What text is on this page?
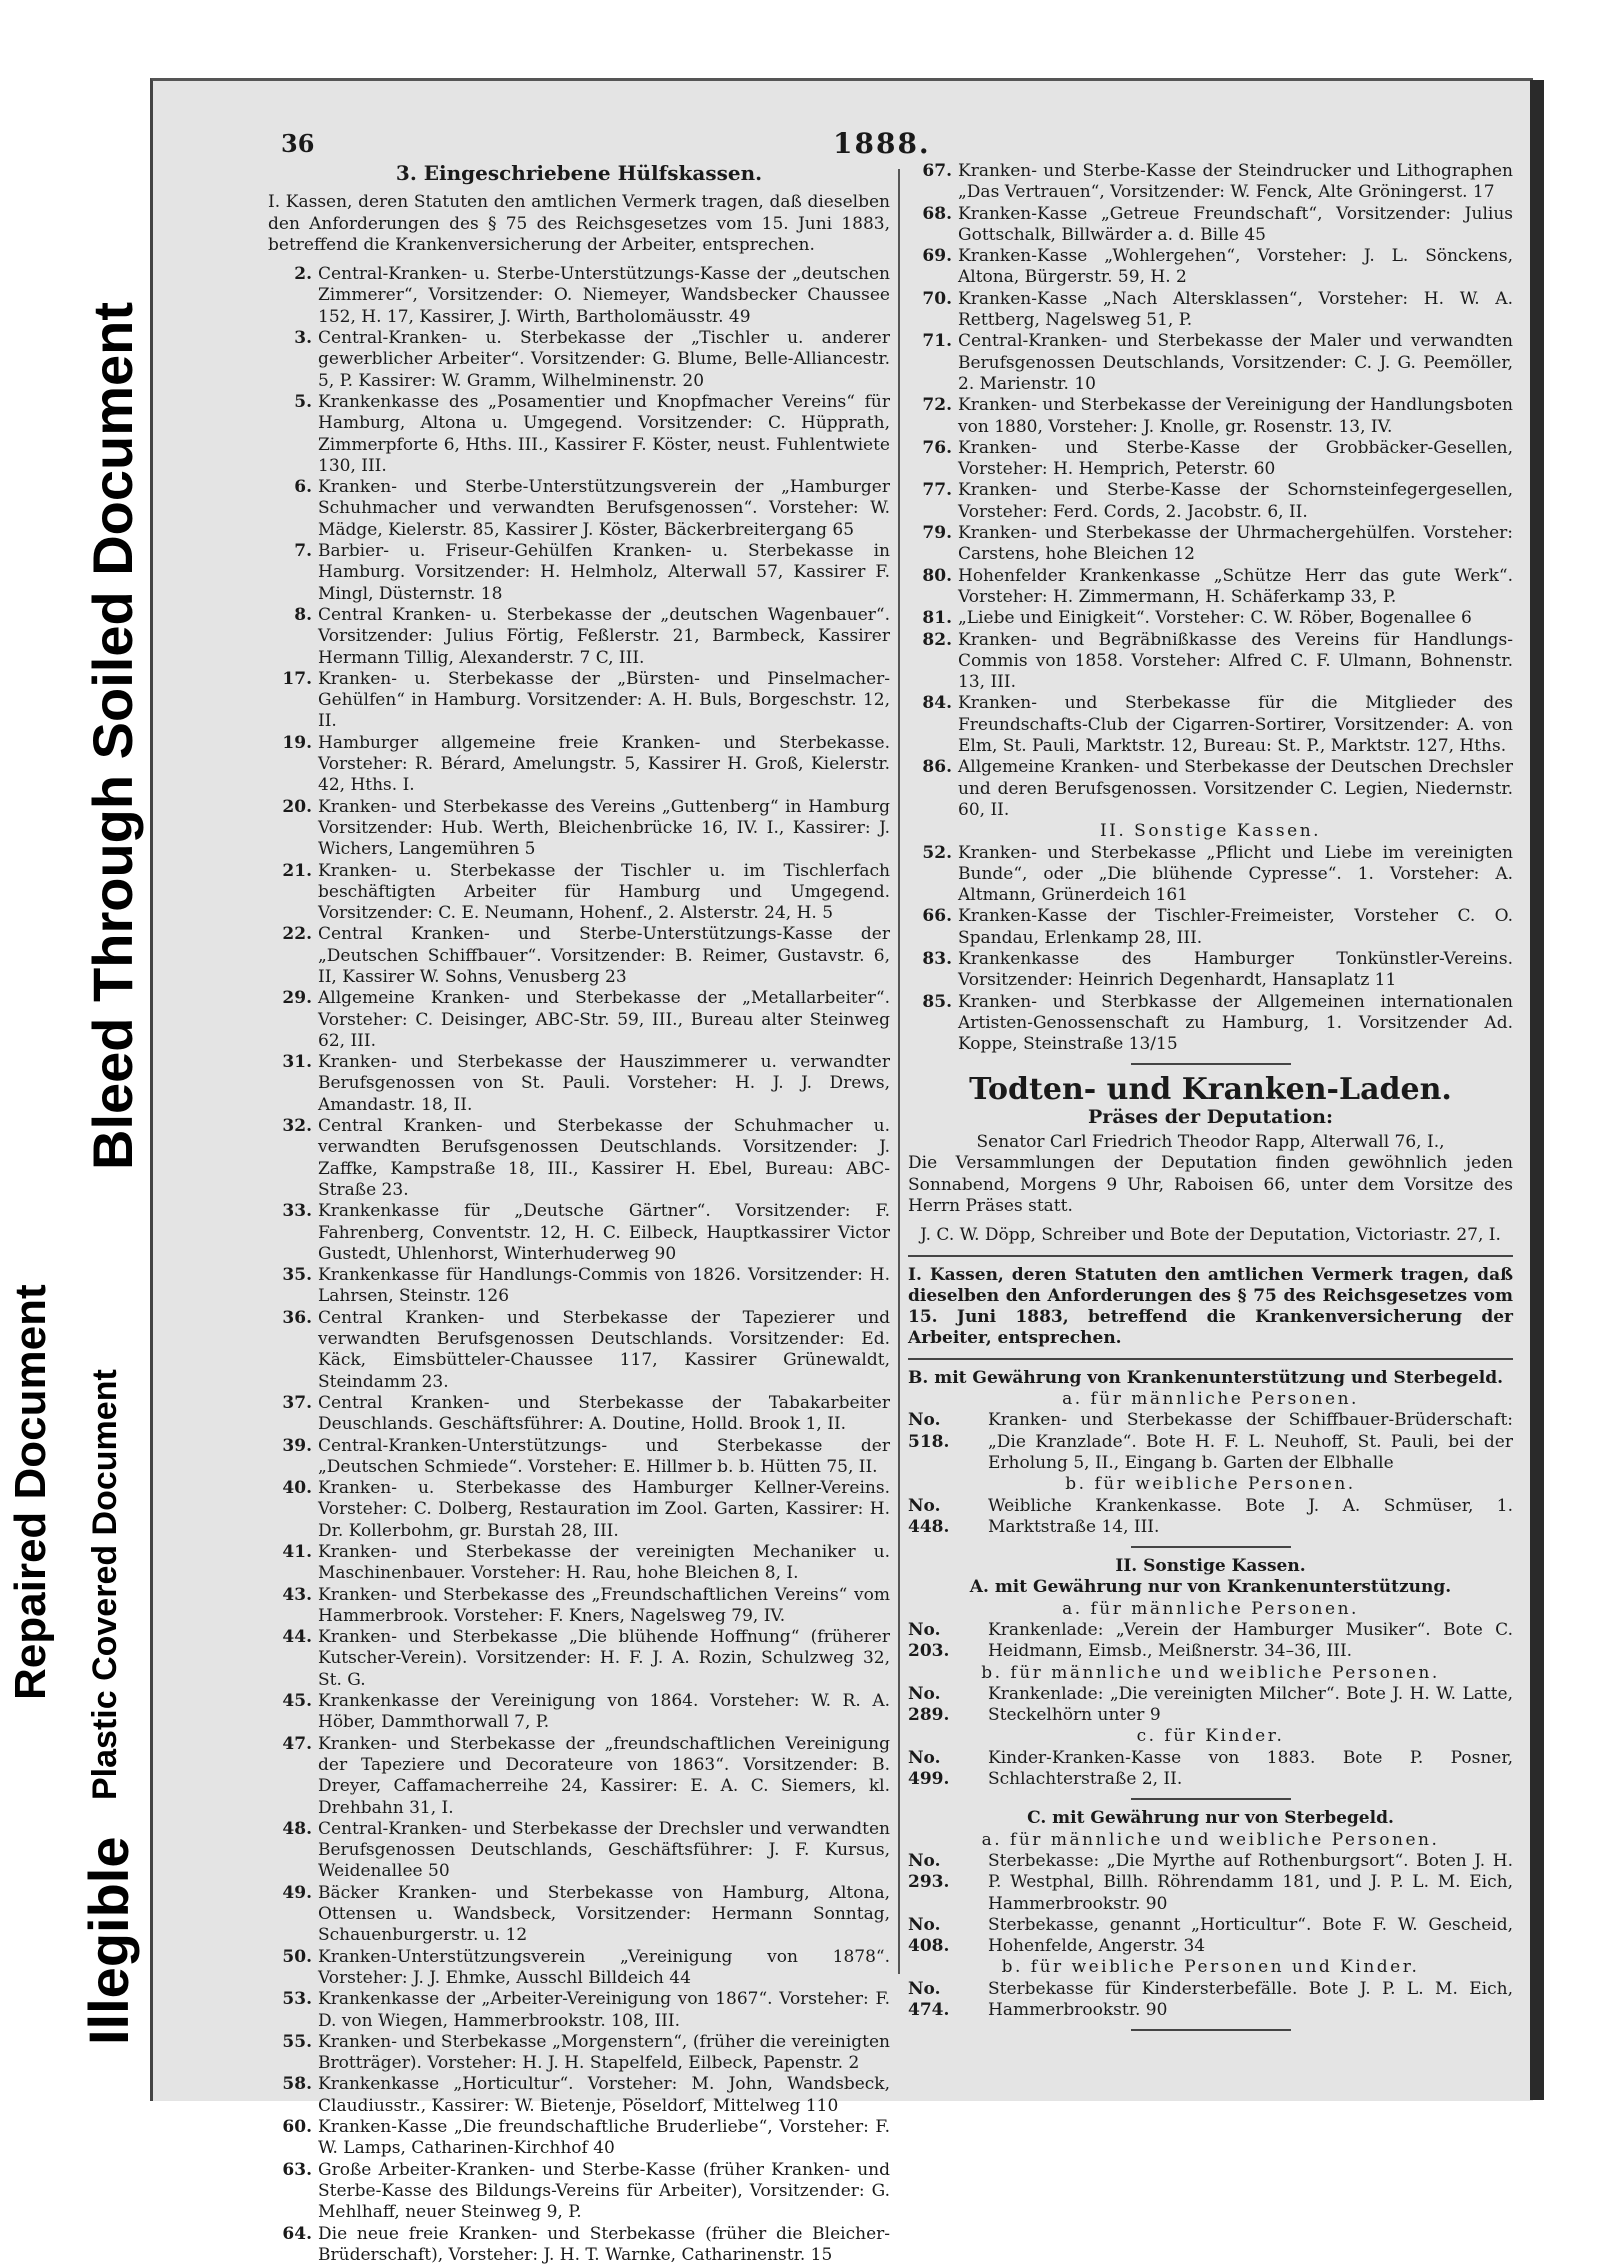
Repaired Document
Bleed Through Soiled Document
Illegible
Plastic Covered Document
36	1888.
3. Eingeschriebene Hülfskassen.

I. Kassen, deren Statuten den amtlichen Vermerk tragen, daß dieselben den Anforderungen des § 75 des Reichsgesetzes vom 15. Juni 1883, betreffend die Krankenversicherung der Arbeiter, entsprechen.

2. Central-Kranken- u. Sterbe-Unterstützungs-Kasse der „deutschen Zimmerer“, Vorsitzender: O. Niemeyer, Wandsbecker Chaussee 152, H. 17, Kassirer, J. Wirth, Bartholomäusstr. 49
3. Central-Kranken- u. Sterbekasse der „Tischler u. anderer gewerblicher Arbeiter“. Vorsitzender: G. Blume, Belle-Alliancestr. 5, P. Kassirer: W. Gramm, Wilhelminenstr. 20
5. Krankenkasse des „Posamentier und Knopfmacher Vereins“ für Hamburg, Altona u. Umgegend. Vorsitzender: C. Hüpprath, Zimmerpforte 6, Hths. III., Kassirer F. Köster, neust. Fuhlentwiete 130, III.
6. Kranken- und Sterbe-Unterstützungsverein der „Hamburger Schuhmacher und verwandten Berufsgenossen“. Vorsteher: W. Mädge, Kielerstr. 85, Kassirer J. Köster, Bäckerbreitergang 65
7. Barbier- u. Friseur-Gehülfen Kranken- u. Sterbekasse in Hamburg. Vorsitzender: H. Helmholz, Alterwall 57, Kassirer F. Mingl, Düsternstr. 18
8. Central Kranken- u. Sterbekasse der „deutschen Wagenbauer“. Vorsitzender: Julius Förtig, Feßlerstr. 21, Barmbeck, Kassirer Hermann Tillig, Alexanderstr. 7 C, III.
17. Kranken- u. Sterbekasse der „Bürsten- und Pinselmacher-Gehülfen“ in Hamburg. Vorsitzender: A. H. Buls, Borgeschstr. 12, II.
19. Hamburger allgemeine freie Kranken- und Sterbekasse. Vorsteher: R. Bérard, Amelungstr. 5, Kassirer H. Groß, Kielerstr. 42, Hths. I.
20. Kranken- und Sterbekasse des Vereins „Guttenberg“ in Hamburg Vorsitzender: Hub. Werth, Bleichenbrücke 16, IV. I., Kassirer: J. Wichers, Langemühren 5
21. Kranken- u. Sterbekasse der Tischler u. im Tischlerfach beschäftigten Arbeiter für Hamburg und Umgegend. Vorsitzender: C. E. Neumann, Hohenf., 2. Alsterstr. 24, H. 5
22. Central Kranken- und Sterbe-Unterstützungs-Kasse der „Deutschen Schiffbauer“. Vorsitzender: B. Reimer, Gustavstr. 6, II, Kassirer W. Sohns, Venusberg 23
29. Allgemeine Kranken- und Sterbekasse der „Metallarbeiter“. Vorsteher: C. Deisinger, ABC-Str. 59, III., Bureau alter Steinweg 62, III.
31. Kranken- und Sterbekasse der Hauszimmerer u. verwandter Berufsgenossen von St. Pauli. Vorsteher: H. J. J. Drews, Amandastr. 18, II.
32. Central Kranken- und Sterbekasse der Schuhmacher u. verwandten Berufsgenossen Deutschlands. Vorsitzender: J. Zaffke, Kampstraße 18, III., Kassirer H. Ebel, Bureau: ABC-Straße 23.
33. Krankenkasse für „Deutsche Gärtner“. Vorsitzender: F. Fahrenberg, Conventstr. 12, H. C. Eilbeck, Hauptkassirer Victor Gustedt, Uhlenhorst, Winterhuderweg 90
35. Krankenkasse für Handlungs-Commis von 1826. Vorsitzender: H. Lahrsen, Steinstr. 126
36. Central Kranken- und Sterbekasse der Tapezierer und verwandten Berufsgenossen Deutschlands. Vorsitzender: Ed. Käck, Eimsbütteler-Chaussee 117, Kassirer Grünewaldt, Steindamm 23.
37. Central Kranken- und Sterbekasse der Tabakarbeiter Deuschlands. Geschäftsführer: A. Doutine, Holld. Brook 1, II.
39. Central-Kranken-Unterstützungs- und Sterbekasse der „Deutschen Schmiede“. Vorsteher: E. Hillmer b. b. Hütten 75, II.
40. Kranken- u. Sterbekasse des Hamburger Kellner-Vereins. Vorsteher: C. Dolberg, Restauration im Zool. Garten, Kassirer: H. Dr. Kollerbohm, gr. Burstah 28, III.
41. Kranken- und Sterbekasse der vereinigten Mechaniker u. Maschinenbauer. Vorsteher: H. Rau, hohe Bleichen 8, I.
43. Kranken- und Sterbekasse des „Freundschaftlichen Vereins“ vom Hammerbrook. Vorsteher: F. Kners, Nagelsweg 79, IV.
44. Kranken- und Sterbekasse „Die blühende Hoffnung“ (früherer Kutscher-Verein). Vorsitzender: H. F. J. A. Rozin, Schulzweg 32, St. G.
45. Krankenkasse der Vereinigung von 1864. Vorsteher: W. R. A. Höber, Dammthorwall 7, P.
47. Kranken- und Sterbekasse der „freundschaftlichen Vereinigung der Tapeziere und Decorateure von 1863“. Vorsitzender: B. Dreyer, Caffamacherreihe 24, Kassirer: E. A. C. Siemers, kl. Drehbahn 31, I.
48. Central-Kranken- und Sterbekasse der Drechsler und verwandten Berufsgenossen Deutschlands, Geschäftsführer: J. F. Kursus, Weidenallee 50
49. Bäcker Kranken- und Sterbekasse von Hamburg, Altona, Ottensen u. Wandsbeck, Vorsitzender: Hermann Sonntag, Schauenburgerstr. u. 12
50. Kranken-Unterstützungsverein „Vereinigung von 1878“. Vorsteher: J. J. Ehmke, Ausschl Billdeich 44
53. Krankenkasse der „Arbeiter-Vereinigung von 1867“. Vorsteher: F. D. von Wiegen, Hammerbrookstr. 108, III.
55. Kranken- und Sterbekasse „Morgenstern“, (früher die vereinigten Brotträger). Vorsteher: H. J. H. Stapelfeld, Eilbeck, Papenstr. 2
58. Krankenkasse „Horticultur“. Vorsteher: M. John, Wandsbeck, Claudiusstr., Kassirer: W. Bietenje, Pöseldorf, Mittelweg 110
60. Kranken-Kasse „Die freundschaftliche Bruderliebe“, Vorsteher: F. W. Lamps, Catharinen-Kirchhof 40
63. Große Arbeiter-Kranken- und Sterbe-Kasse (früher Kranken- und Sterbe-Kasse des Bildungs-Vereins für Arbeiter), Vorsitzender: G. Mehlhaff, neuer Steinweg 9, P.
64. Die neue freie Kranken- und Sterbekasse (früher die Bleicher-Brüderschaft), Vorsteher: J. H. T. Warnke, Catharinenstr. 15
67. Kranken- und Sterbe-Kasse der Steindrucker und Lithographen „Das Vertrauen“, Vorsitzender: W. Fenck, Alte Gröningerst. 17
68. Kranken-Kasse „Getreue Freundschaft“, Vorsitzender: Julius Gottschalk, Billwärder a. d. Bille 45
69. Kranken-Kasse „Wohlergehen“, Vorsteher: J. L. Sönckens, Altona, Bürgerstr. 59, H. 2
70. Kranken-Kasse „Nach Altersklassen“, Vorsteher: H. W. A. Rettberg, Nagelsweg 51, P.
71. Central-Kranken- und Sterbekasse der Maler und verwandten Berufsgenossen Deutschlands, Vorsitzender: C. J. G. Peemöller, 2. Marienstr. 10
72. Kranken- und Sterbekasse der Vereinigung der Handlungsboten von 1880, Vorsteher: J. Knolle, gr. Rosenstr. 13, IV.
76. Kranken- und Sterbe-Kasse der Grobbäcker-Gesellen, Vorsteher: H. Hemprich, Peterstr. 60
77. Kranken- und Sterbe-Kasse der Schornsteinfegergesellen, Vorsteher: Ferd. Cords, 2. Jacobstr. 6, II.
79. Kranken- und Sterbekasse der Uhrmachergehülfen. Vorsteher: Carstens, hohe Bleichen 12
80. Hohenfelder Krankenkasse „Schütze Herr das gute Werk“. Vorsteher: H. Zimmermann, H. Schäferkamp 33, P.
81. „Liebe und Einigkeit“. Vorsteher: C. W. Röber, Bogenallee 6
82. Kranken- und Begräbnißkasse des Vereins für Handlungs-Commis von 1858. Vorsteher: Alfred C. F. Ulmann, Bohnenstr. 13, III.
84. Kranken- und Sterbekasse für die Mitglieder des Freundschafts-Club der Cigarren-Sortirer, Vorsitzender: A. von Elm, St. Pauli, Marktstr. 12, Bureau: St. P., Marktstr. 127, Hths.
86. Allgemeine Kranken- und Sterbekasse der Deutschen Drechsler und deren Berufsgenossen. Vorsitzender C. Legien, Niedernstr. 60, II.
II. Sonstige Kassen.
52. Kranken- und Sterbekasse „Pflicht und Liebe im vereinigten Bunde“, oder „Die blühende Cypresse“. 1. Vorsteher: A. Altmann, Grünerdeich 161
66. Kranken-Kasse der Tischler-Freimeister, Vorsteher C. O. Spandau, Erlenkamp 28, III.
83. Krankenkasse des Hamburger Tonkünstler-Vereins. Vorsitzender: Heinrich Degenhardt, Hansaplatz 11
85. Kranken- und Sterbkasse der Allgemeinen internationalen Artisten-Genossenschaft zu Hamburg, 1. Vorsitzender Ad. Koppe, Steinstraße 13/15
Todten- und Kranken-Laden.
Präses der Deputation:
Senator Carl Friedrich Theodor Rapp, Alterwall 76, I.,

Die Versammlungen der Deputation finden gewöhnlich jeden Sonnabend, Morgens 9 Uhr, Raboisen 66, unter dem Vorsitze des Herrn Präses statt.

J. C. W. Döpp, Schreiber und Bote der Deputation, Victoriastr. 27, I.

I. Kassen, deren Statuten den amtlichen Vermerk tragen, daß dieselben den Anforderungen des § 75 des Reichsgesetzes vom 15. Juni 1883, betreffend die Krankenversicherung der Arbeiter, entsprechen.

B. mit Gewährung von Krankenunterstützung und Sterbegeld.
a. für männliche Personen.
No. 518.
Kranken- und Sterbekasse der Schiffbauer-Brüderschaft: „Die Kranzlade“. Bote H. F. L. Neuhoff, St. Pauli, bei der Erholung 5, II., Eingang b. Garten der Elbhalle
b. für weibliche Personen.
No. 448.
Weibliche Krankenkasse. Bote J. A. Schmüser, 1. Marktstraße 14, III.
II. Sonstige Kassen.
A. mit Gewährung nur von Krankenunterstützung.
a. für männliche Personen.
No. 203.
Krankenlade: „Verein der Hamburger Musiker“. Bote C. Heidmann, Eimsb., Meißnerstr. 34–36, III.
b. für männliche und weibliche Personen.
No. 289.
Krankenlade: „Die vereinigten Milcher“. Bote J. H. W. Latte, Steckelhörn unter 9
c. für Kinder.
No. 499.
Kinder-Kranken-Kasse von 1883. Bote P. Posner, Schlachterstraße 2, II.
C. mit Gewährung nur von Sterbegeld.
a. für männliche und weibliche Personen.
No. 293.
Sterbekasse: „Die Myrthe auf Rothenburgsort“. Boten J. H. P. Westphal, Billh. Röhrendamm 181, und J. P. L. M. Eich, Hammerbrookstr. 90
No. 408.
Sterbekasse, genannt „Horticultur“. Bote F. W. Gescheid, Hohenfelde, Angerstr. 34
b. für weibliche Personen und Kinder.
No. 474.
Sterbekasse für Kindersterbefälle. Bote J. P. L. M. Eich, Hammerbrookstr. 90
